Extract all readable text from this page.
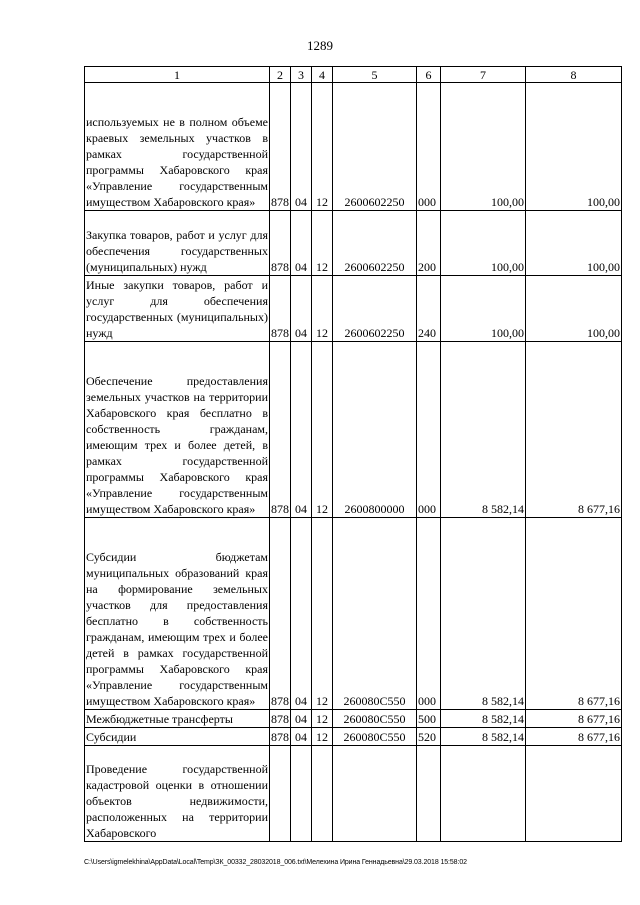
1289
1	2	3	4	5	6	7	8

используемых не в полном объеме краевых земельных участков в рамках государственной программы Хабаровского края «Управление государственным имуществом Хабаровского края»	878	04	12	2600602250	000	100,00	100,00

Закупка товаров, работ и услуг для обеспечения государственных (муниципальных) нужд	878	04	12	2600602250	200	100,00	100,00

Иные закупки товаров, работ и услуг для обеспечения государственных (муниципальных) нужд	878	04	12	2600602250	240	100,00	100,00

Обеспечение предоставления земельных участков на территории Хабаровского края бесплатно в собственность гражданам, имеющим трех и более детей, в рамках государственной программы Хабаровского края «Управление государственным имуществом Хабаровского края»	878	04	12	2600800000	000	8 582,14	8 677,16

Субсидии бюджетам муниципальных образований края на формирование земельных участков для предоставления бесплатно в собственность гражданам, имеющим трех и более детей в рамках государственной программы Хабаровского края «Управление государственным имуществом Хабаровского края»	878	04	12	260080C550	000	8 582,14	8 677,16

Межбюджетные трансферты	878	04	12	260080C550	500	8 582,14	8 677,16

Субсидии	878	04	12	260080C550	520	8 582,14	8 677,16

Проведение государственной кадастровой оценки в отношении объектов недвижимости, расположенных на территории Хабаровского							

C:\Users\igmelekhina\AppData\Local\Temp\ЗК_00332_28032018_006.txt\Мелехина Ирина Геннадьевна\29.03.2018 15:58:02
